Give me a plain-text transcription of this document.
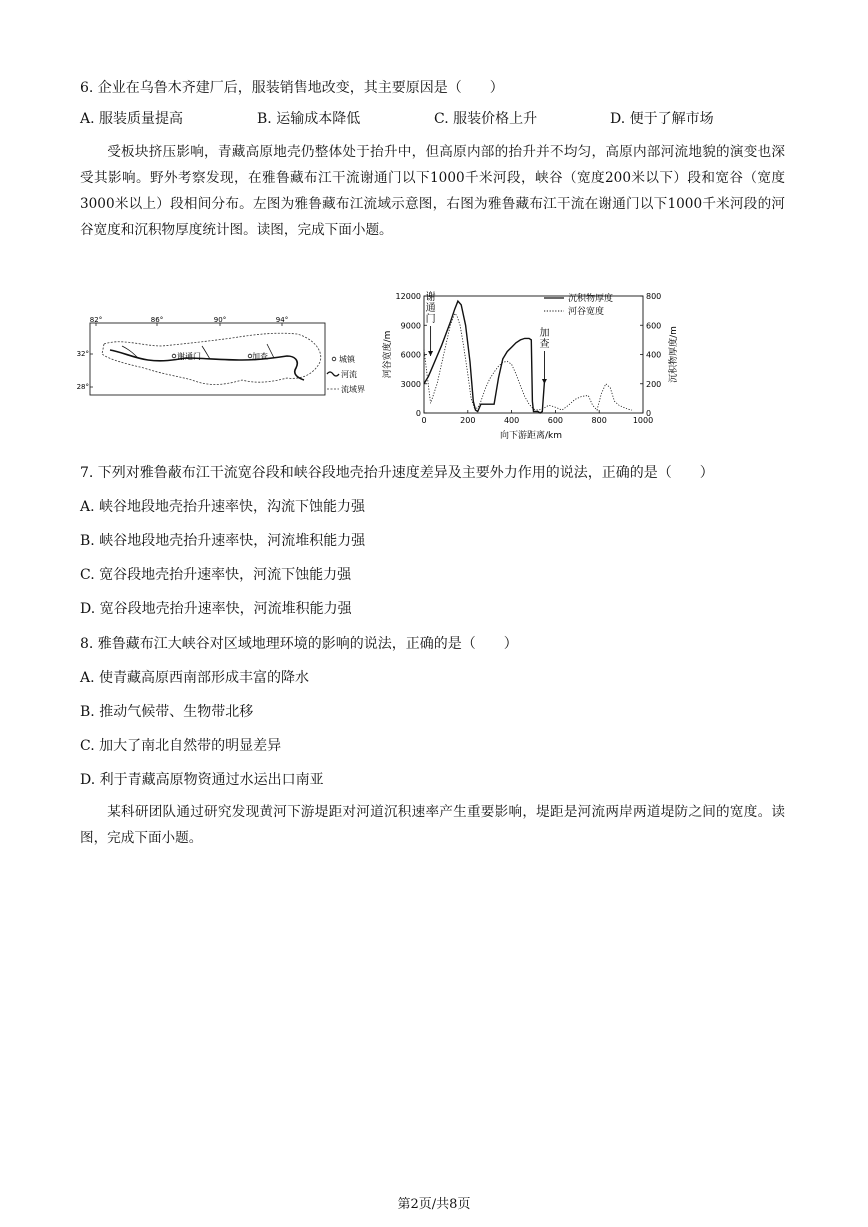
6. 企业在乌鲁木齐建厂后，服装销售地改变，其主要原因是（　　）
A. 服装质量提高	B. 运输成本降低	C. 服装价格上升	D. 便于了解市场

受板块挤压影响，青藏高原地壳仍整体处于抬升中，但高原内部的抬升并不均匀，高原内部河流地貌的演变也深受其影响。野外考察发现，在雅鲁藏布江干流谢通门以下1000千米河段，峡谷（宽度200米以下）段和宽谷（宽度3000米以上）段相间分布。左图为雅鲁藏布江流域示意图，右图为雅鲁藏布江干流在谢通门以下1000千米河段的河谷宽度和沉积物厚度统计图。读图，完成下面小题。

82°	86°	90°	94°
32°
28°
谢通门	加查	城镇
河流
流域界
0	200	400	600	800	1000
0
3000
6000
9000
12000
0
200
400
600
800
河谷宽度/m	沉积物厚度/m
向下游距离/km
沉积物厚度
河谷宽度
谢通门
加查
7. 下列对雅鲁蔽布江干流宽谷段和峡谷段地壳抬升速度差异及主要外力作用的说法，正确的是（　　）
A. 峡谷地段地壳抬升速率快，沟流下蚀能力强
B. 峡谷地段地壳抬升速率快，河流堆积能力强
C. 宽谷段地壳抬升速率快，河流下蚀能力强
D. 宽谷段地壳抬升速率快，河流堆积能力强
8. 雅鲁藏布江大峡谷对区域地理环境的影响的说法，正确的是（　　）
A. 使青藏高原西南部形成丰富的降水
B. 推动气候带、生物带北移
C. 加大了南北自然带的明显差异
D. 利于青藏高原物资通过水运出口南亚

某科研团队通过研究发现黄河下游堤距对河道沉积速率产生重要影响，堤距是河流两岸两道堤防之间的宽度。读图，完成下面小题。

第2页/共8页
